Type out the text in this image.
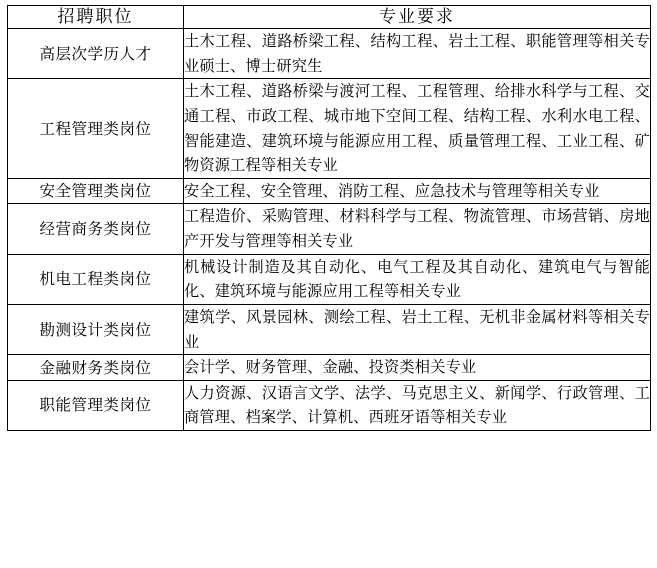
招聘职位	专业要求
高层次学历人才	土木工程、道路桥梁工程、结构工程、岩土工程、职能管理等相关专业硕士、博士研究生
工程管理类岗位	土木工程、道路桥梁与渡河工程、工程管理、给排水科学与工程、交通工程、市政工程、城市地下空间工程、结构工程、水利水电工程、智能建造、建筑环境与能源应用工程、质量管理工程、工业工程、矿物资源工程等相关专业
安全管理类岗位	安全工程、安全管理、消防工程、应急技术与管理等相关专业
经营商务类岗位	工程造价、采购管理、材料科学与工程、物流管理、市场营销、房地产开发与管理等相关专业
机电工程类岗位	机械设计制造及其自动化、电气工程及其自动化、建筑电气与智能化、建筑环境与能源应用工程等相关专业
勘测设计类岗位	建筑学、风景园林、测绘工程、岩土工程、无机非金属材料等相关专业
金融财务类岗位	会计学、财务管理、金融、投资类相关专业
职能管理类岗位	人力资源、汉语言文学、法学、马克思主义、新闻学、行政管理、工商管理、档案学、计算机、西班牙语等相关专业
